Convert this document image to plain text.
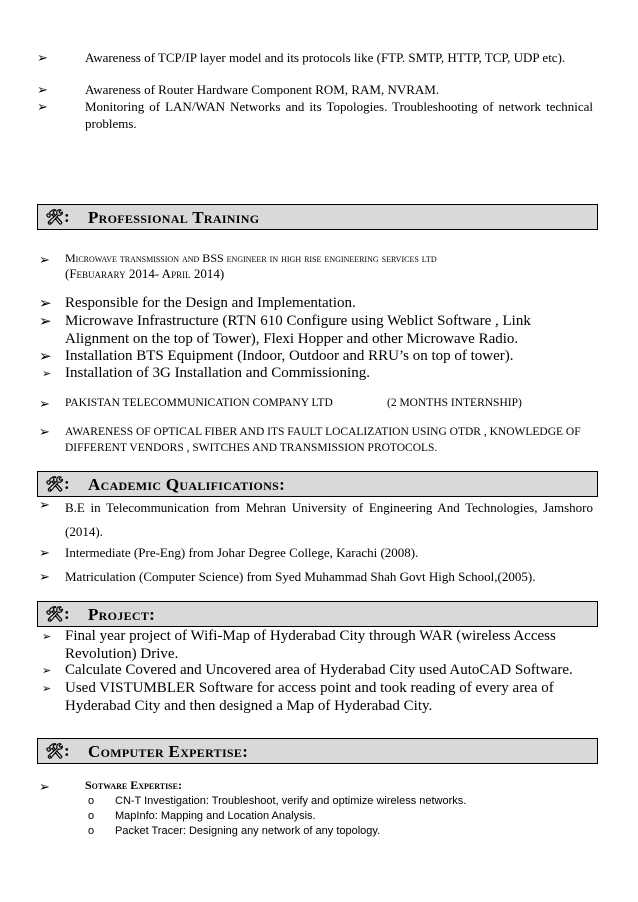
➢	Awareness of TCP/IP layer model and its protocols like (FTP. SMTP, HTTP, TCP, UDP etc).
➢	Awareness of Router Hardware Component ROM, RAM, NVRAM.
➢	Monitoring of LAN/WAN Networks and its Topologies. Troubleshooting of network technical problems.
🛠 : Professional Training
➢ Microwave transmission and BSS engineer in high rise engineering services ltd
(Febuarary 2014- April 2014)
➢ Responsible for the Design and Implementation.
➢ Microwave Infrastructure (RTN 610 Configure using Weblict Software , Link Alignment on the top of Tower), Flexi Hopper and other Microwave Radio.
➢ Installation BTS Equipment (Indoor, Outdoor and RRU’s on top of tower).
➢ Installation of 3G Installation and Commissioning.
➢ PAKISTAN TELECOMMUNICATION COMPANY LTD	(2 MONTHS INTERNSHIP)
➢ AWARENESS OF OPTICAL FIBER AND ITS FAULT LOCALIZATION USING OTDR , KNOWLEDGE OF DIFFERENT VENDORS , SWITCHES AND TRANSMISSION PROTOCOLS.
🛠 : Academic Qualifications:
➢ B.E in Telecommunication from Mehran University of Engineering And Technologies, Jamshoro (2014).
➢ Intermediate (Pre-Eng) from Johar Degree College, Karachi (2008).
➢ Matriculation (Computer Science) from Syed Muhammad Shah Govt High School,(2005).
🛠 : Project:
➢ Final year project of Wifi-Map of Hyderabad City through WAR (wireless Access Revolution) Drive.
➢ Calculate Covered and Uncovered area of Hyderabad City used AutoCAD Software.
➢ Used VISTUMBLER Software for access point and took reading of every area of Hyderabad City and then designed a Map of Hyderabad City.
🛠 : Computer Expertise:
➢	Sotware Expertise:
o CN-T Investigation: Troubleshoot, verify and optimize wireless networks.
o MapInfo: Mapping and Location Analysis.
o Packet Tracer: Designing any network of any topology.
